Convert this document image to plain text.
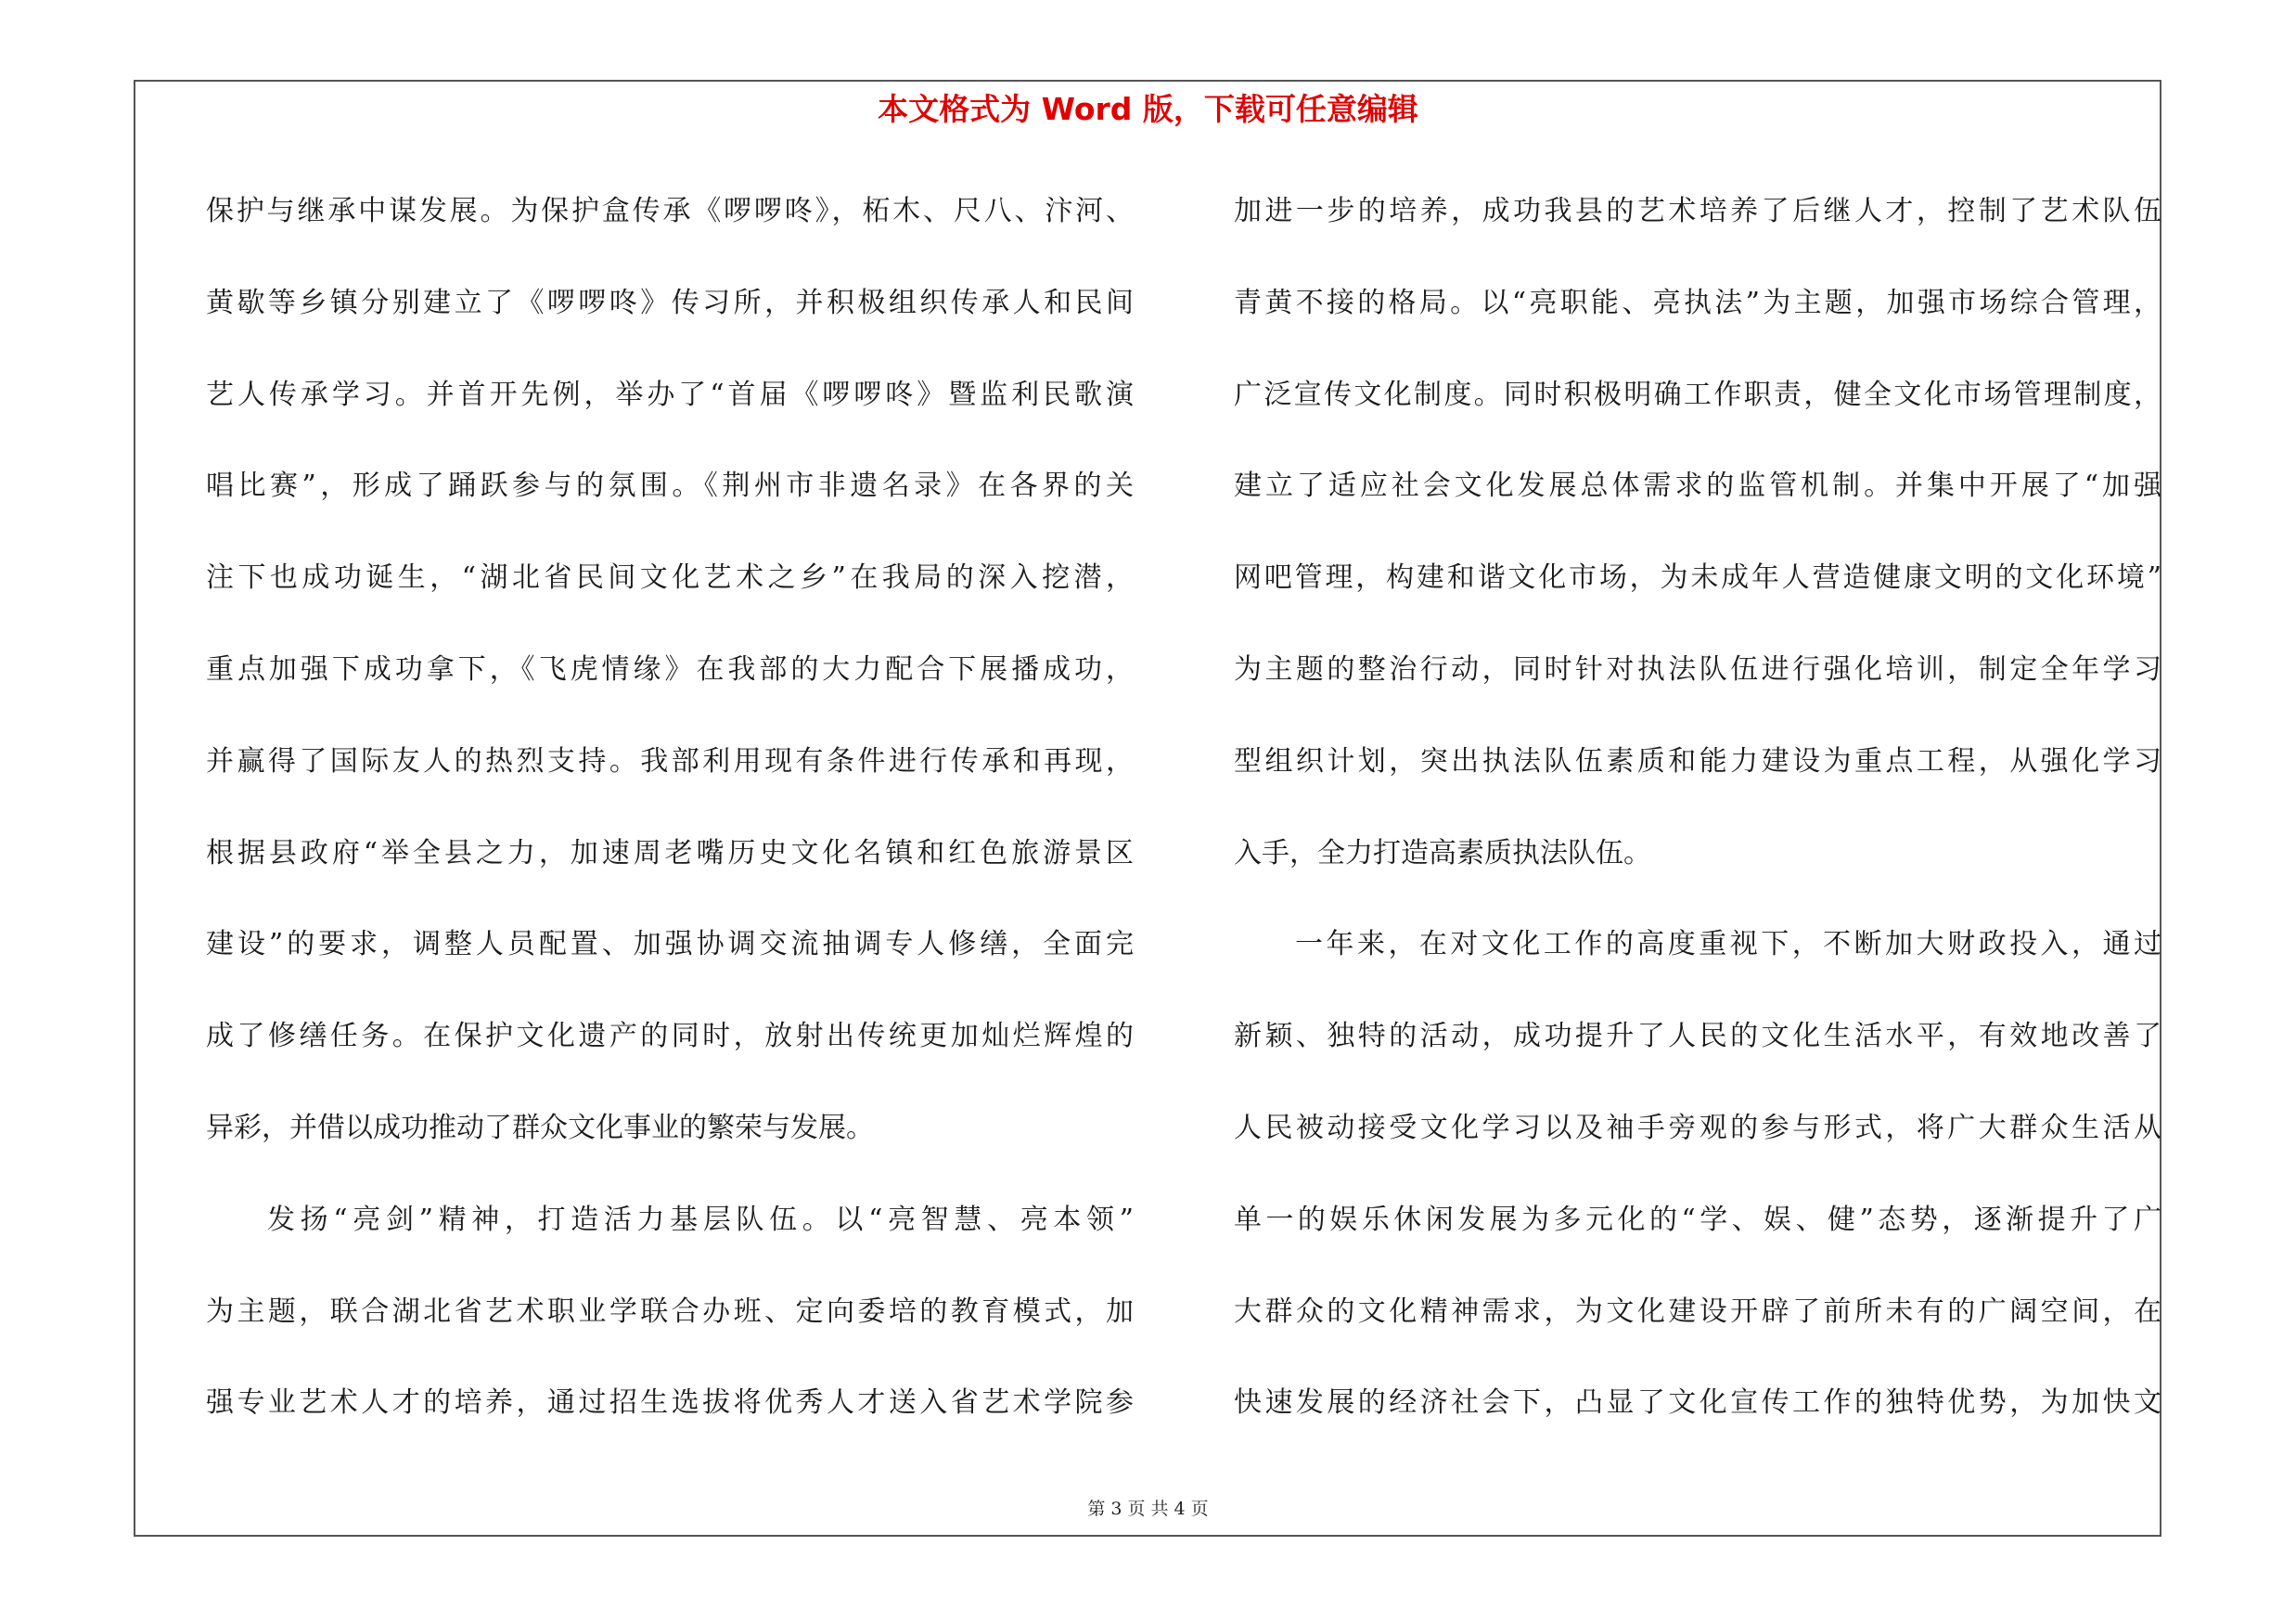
本文格式为 Word 版，下载可任意编辑
保护与继承中谋发展。为保护盒传承《啰啰咚》，柘木、尺八、汴河、
黄歇等乡镇分别建立了《啰啰咚》传习所，并积极组织传承人和民间
艺人传承学习。并首开先例，举办了“首届《啰啰咚》暨监利民歌演
唱比赛”，形成了踊跃参与的氛围。《荆州市非遗名录》在各界的关
注下也成功诞生，“湖北省民间文化艺术之乡”在我局的深入挖潜，
重点加强下成功拿下，《飞虎情缘》在我部的大力配合下展播成功，
并赢得了国际友人的热烈支持。我部利用现有条件进行传承和再现，
根据县政府“举全县之力，加速周老嘴历史文化名镇和红色旅游景区
建设”的要求，调整人员配置、加强协调交流抽调专人修缮，全面完
成了修缮任务。在保护文化遗产的同时，放射出传统更加灿烂辉煌的
异彩，并借以成功推动了群众文化事业的繁荣与发展。
发扬“亮剑”精神，打造活力基层队伍。以“亮智慧、亮本领”
为主题，联合湖北省艺术职业学联合办班、定向委培的教育模式，加
强专业艺术人才的培养，通过招生选拔将优秀人才送入省艺术学院参
加进一步的培养，成功我县的艺术培养了后继人才，控制了艺术队伍
青黄不接的格局。以“亮职能、亮执法”为主题，加强市场综合管理，
广泛宣传文化制度。同时积极明确工作职责，健全文化市场管理制度，
建立了适应社会文化发展总体需求的监管机制。并集中开展了“加强
网吧管理，构建和谐文化市场，为未成年人营造健康文明的文化环境”
为主题的整治行动，同时针对执法队伍进行强化培训，制定全年学习
型组织计划，突出执法队伍素质和能力建设为重点工程，从强化学习
入手，全力打造高素质执法队伍。
一年来，在对文化工作的高度重视下，不断加大财政投入，通过
新颖、独特的活动，成功提升了人民的文化生活水平，有效地改善了
人民被动接受文化学习以及袖手旁观的参与形式，将广大群众生活从
单一的娱乐休闲发展为多元化的“学、娱、健”态势，逐渐提升了广
大群众的文化精神需求，为文化建设开辟了前所未有的广阔空间，在
快速发展的经济社会下，凸显了文化宣传工作的独特优势，为加快文
第 3 页 共 4 页
